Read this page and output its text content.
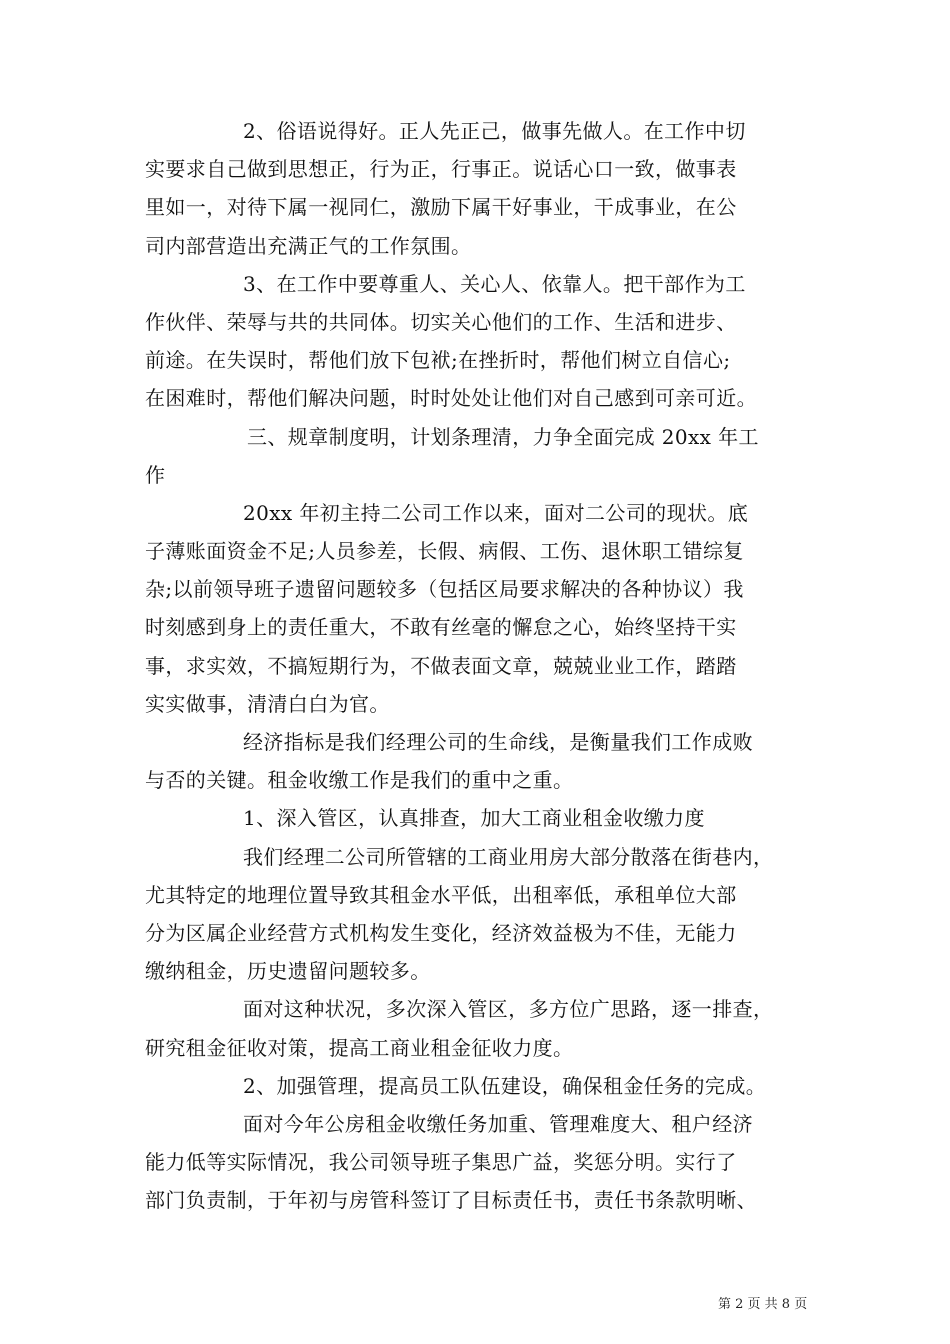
2、俗语说得好。正人先正己，做事先做人。在工作中切
实要求自己做到思想正，行为正，行事正。说话心口一致，做事表
里如一，对待下属一视同仁，激励下属干好事业，干成事业，在公
司内部营造出充满正气的工作氛围。
3、在工作中要尊重人、关心人、依靠人。把干部作为工
作伙伴、荣辱与共的共同体。切实关心他们的工作、生活和进步、
前途。在失误时，帮他们放下包袱;在挫折时，帮他们树立自信心;
在困难时，帮他们解决问题，时时处处让他们对自己感到可亲可近。
三、规章制度明，计划条理清，力争全面完成 20xx 年工
作
20xx 年初主持二公司工作以来，面对二公司的现状。底
子薄账面资金不足;人员参差，长假、病假、工伤、退休职工错综复
杂;以前领导班子遗留问题较多（包括区局要求解决的各种协议）我
时刻感到身上的责任重大，不敢有丝毫的懈怠之心，始终坚持干实
事，求实效，不搞短期行为，不做表面文章，兢兢业业工作，踏踏
实实做事，清清白白为官。
经济指标是我们经理公司的生命线，是衡量我们工作成败
与否的关键。租金收缴工作是我们的重中之重。
1、深入管区，认真排查，加大工商业租金收缴力度
我们经理二公司所管辖的工商业用房大部分散落在街巷内，
尤其特定的地理位置导致其租金水平低，出租率低，承租单位大部
分为区属企业经营方式机构发生变化，经济效益极为不佳，无能力
缴纳租金，历史遗留问题较多。
面对这种状况，多次深入管区，多方位广思路，逐一排查，
研究租金征收对策，提高工商业租金征收力度。
2、加强管理，提高员工队伍建设，确保租金任务的完成。
面对今年公房租金收缴任务加重、管理难度大、租户经济
能力低等实际情况，我公司领导班子集思广益，奖惩分明。实行了
部门负责制，于年初与房管科签订了目标责任书，责任书条款明晰、
第 2 页 共 8 页
